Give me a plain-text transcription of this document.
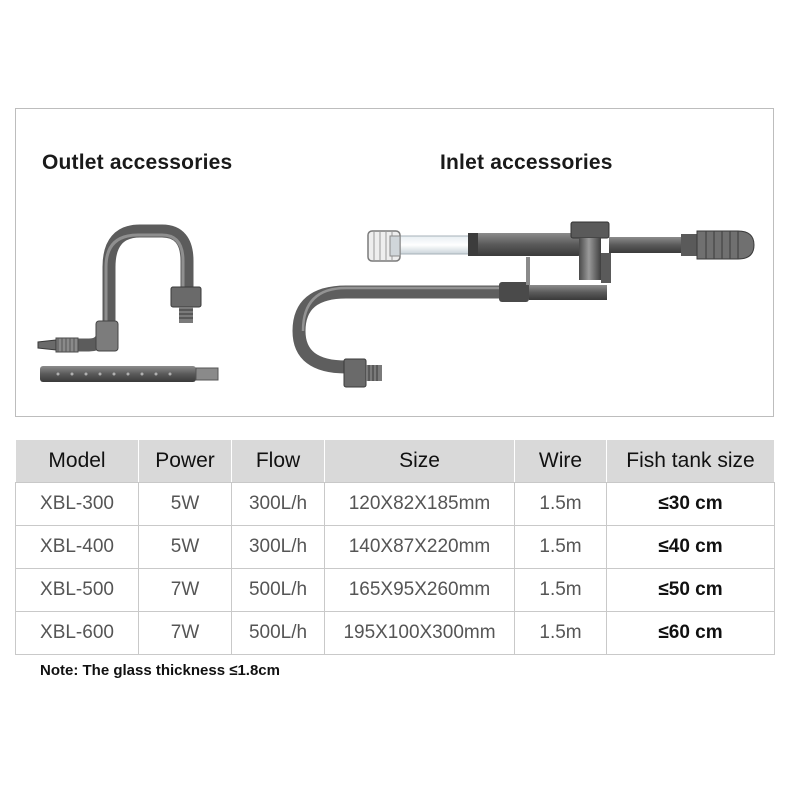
Outlet accessories	Inlet accessories
Model	Power	Flow	Size	Wire	Fish tank size
XBL-300	5W	300L/h	120X82X185mm	1.5m	≤30 cm
XBL-400	5W	300L/h	140X87X220mm	1.5m	≤40 cm
XBL-500	7W	500L/h	165X95X260mm	1.5m	≤50 cm
XBL-600	7W	500L/h	195X100X300mm	1.5m	≤60 cm
Note: The glass thickness ≤1.8cm
